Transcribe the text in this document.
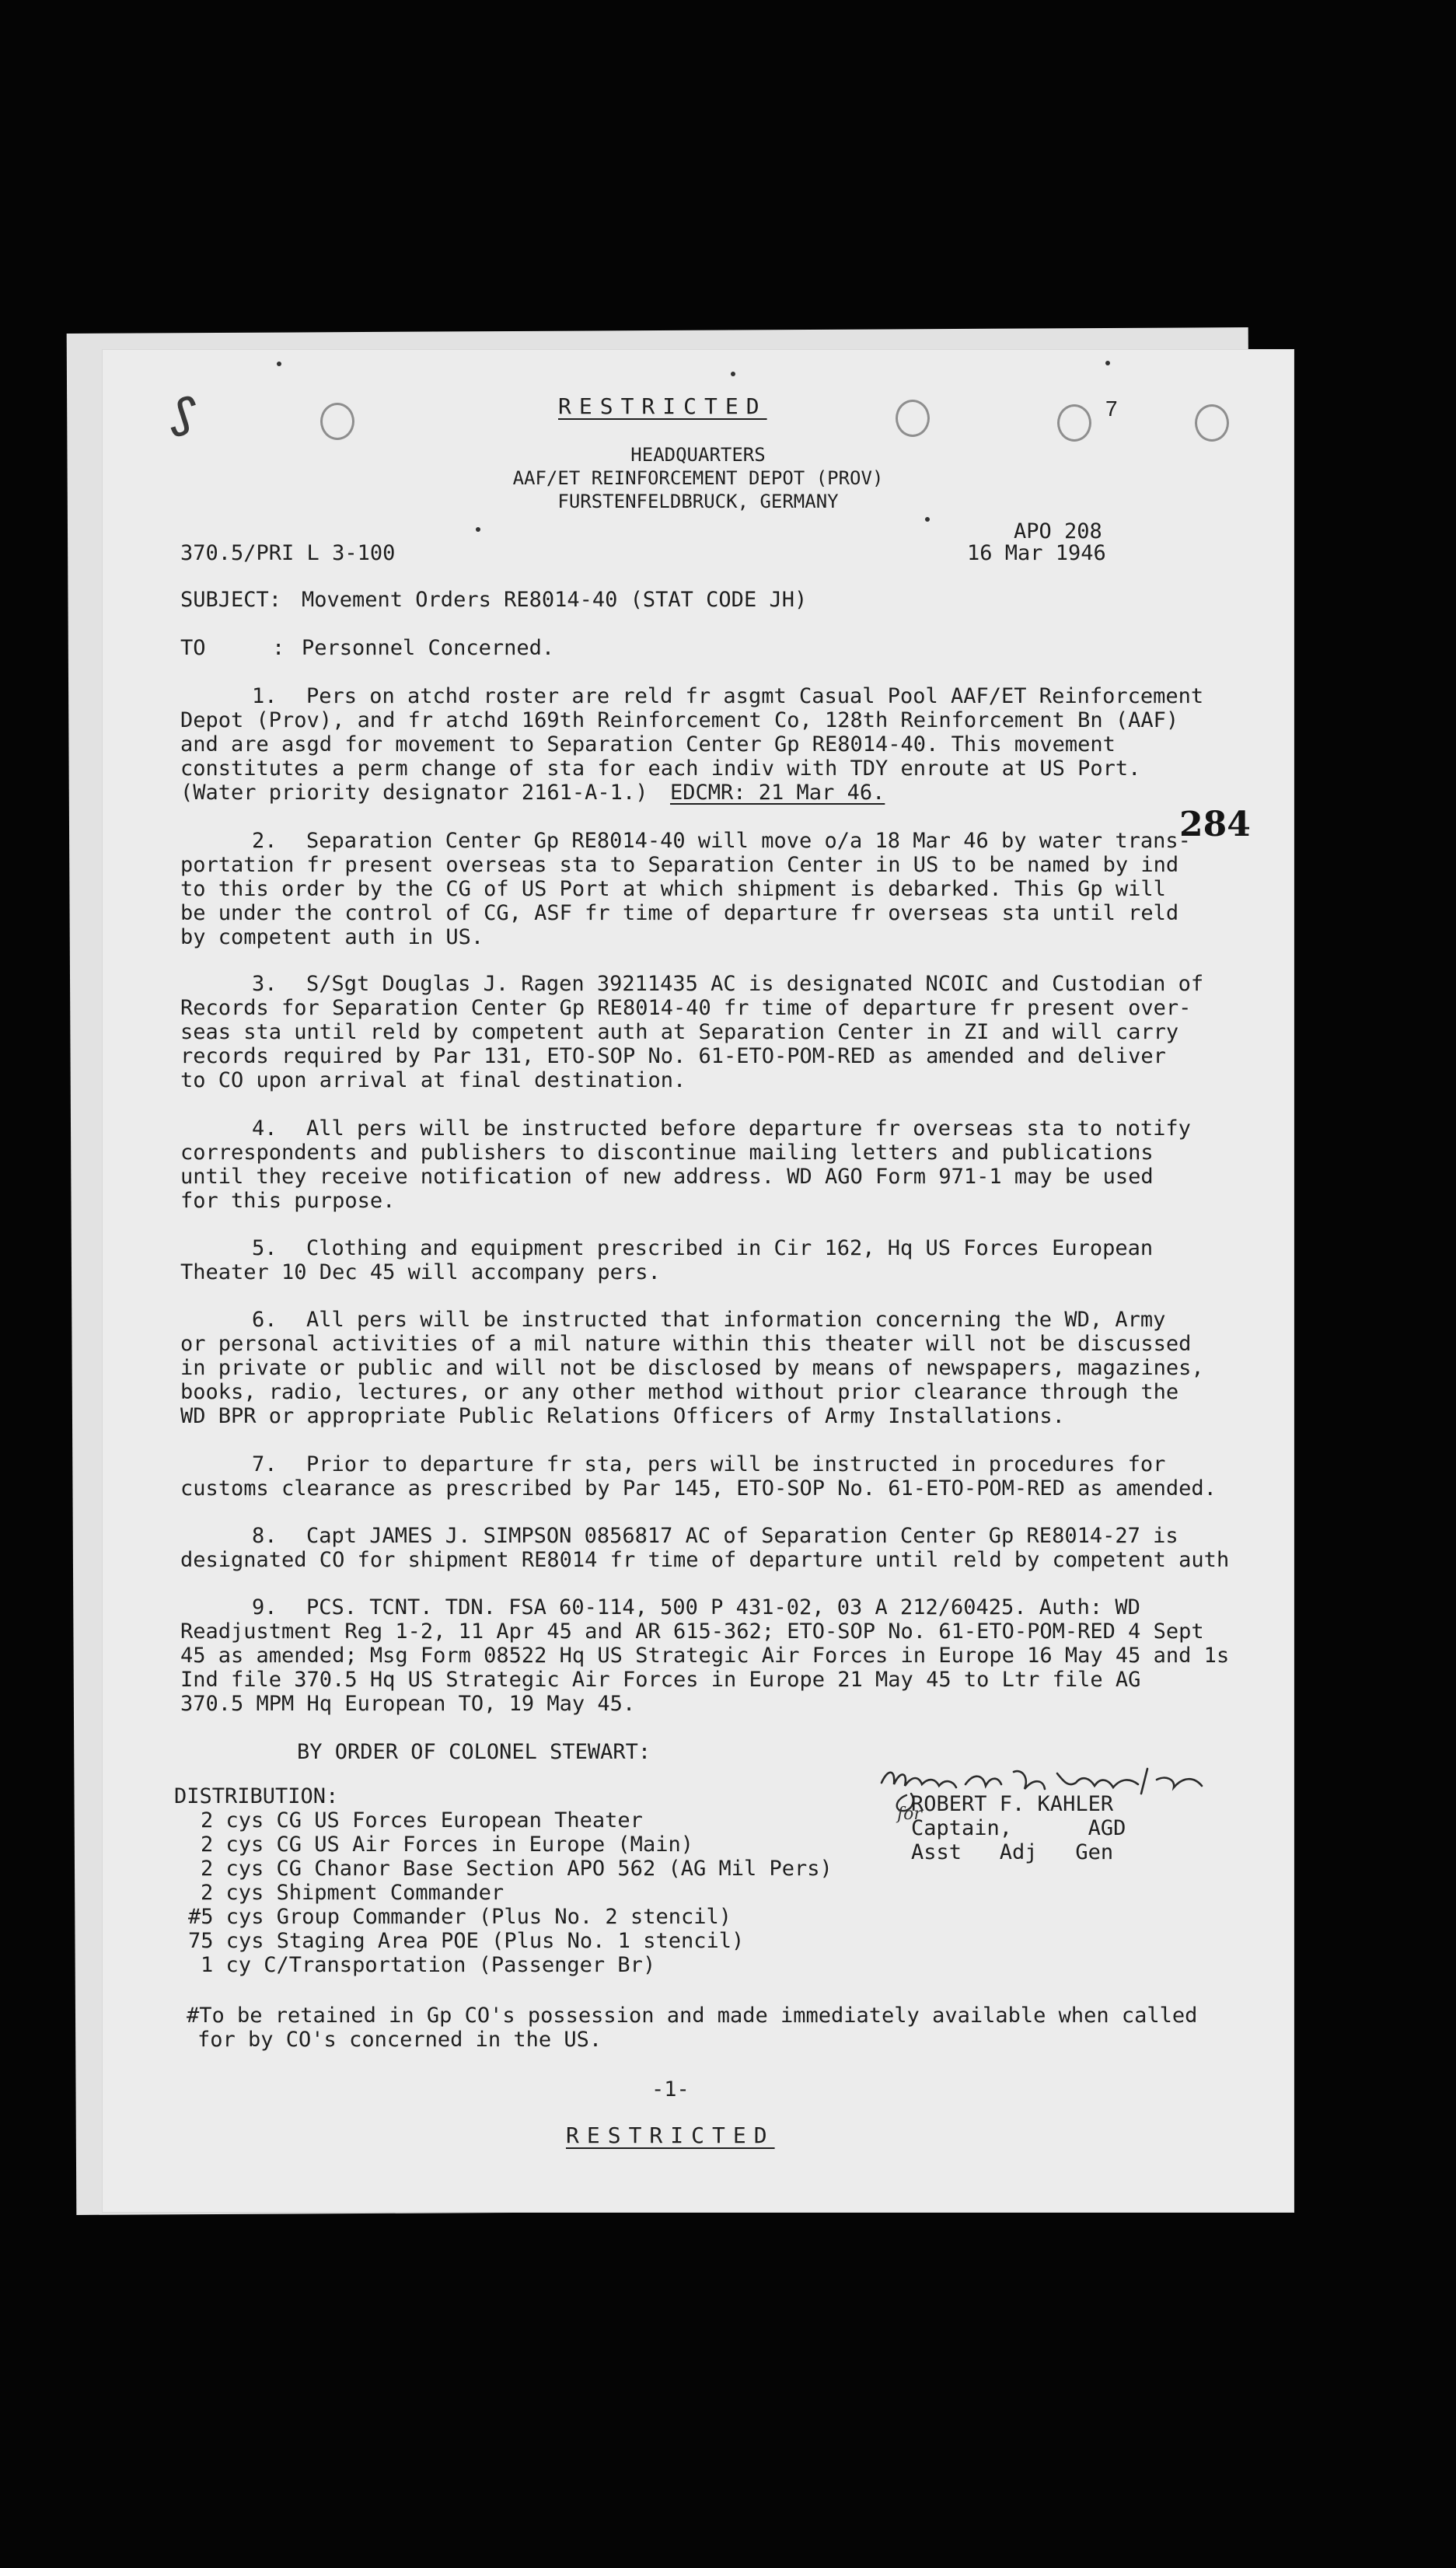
ᔑ	7
RESTRICTED
HEADQUARTERS
AAF/ET REINFORCEMENT DEPOT (PROV)
FURSTENFELDBRUCK, GERMANY
370.5/PRI L 3-100
APO 208
16 Mar 1946
SUBJECT: Movement Orders RE8014-40 (STAT CODE JH)
TO	: Personnel Concerned.
284
1. Pers on atchd roster are reld fr asgmt Casual Pool AAF/ET Reinforcement
Depot (Prov), and fr atchd 169th Reinforcement Co, 128th Reinforcement Bn (AAF)
and are asgd for movement to Separation Center Gp RE8014-40. This movement
constitutes a perm change of sta for each indiv with TDY enroute at US Port.
(Water priority designator 2161-A-1.) EDCMR: 21 Mar 46.
2. Separation Center Gp RE8014-40 will move o/a 18 Mar 46 by water trans-
portation fr present overseas sta to Separation Center in US to be named by ind
to this order by the CG of US Port at which shipment is debarked. This Gp will
be under the control of CG, ASF fr time of departure fr overseas sta until reld
by competent auth in US.
3. S/Sgt Douglas J. Ragen 39211435 AC is designated NCOIC and Custodian of
Records for Separation Center Gp RE8014-40 fr time of departure fr present over-
seas sta until reld by competent auth at Separation Center in ZI and will carry
records required by Par 131, ETO-SOP No. 61-ETO-POM-RED as amended and deliver
to CO upon arrival at final destination.
4. All pers will be instructed before departure fr overseas sta to notify
correspondents and publishers to discontinue mailing letters and publications
until they receive notification of new address. WD AGO Form 971-1 may be used
for this purpose.
5. Clothing and equipment prescribed in Cir 162, Hq US Forces European
Theater 10 Dec 45 will accompany pers.
6. All pers will be instructed that information concerning the WD, Army
or personal activities of a mil nature within this theater will not be discussed
in private or public and will not be disclosed by means of newspapers, magazines,
books, radio, lectures, or any other method without prior clearance through the
WD BPR or appropriate Public Relations Officers of Army Installations.
7. Prior to departure fr sta, pers will be instructed in procedures for
customs clearance as prescribed by Par 145, ETO-SOP No. 61-ETO-POM-RED as amended.
8. Capt JAMES J. SIMPSON 0856817 AC of Separation Center Gp RE8014-27 is
designated CO for shipment RE8014 fr time of departure until reld by competent auth
9. PCS. TCNT. TDN. FSA 60-114, 500 P 431-02, 03 A 212/60425. Auth: WD
Readjustment Reg 1-2, 11 Apr 45 and AR 615-362; ETO-SOP No. 61-ETO-POM-RED 4 Sept
45 as amended; Msg Form 08522 Hq US Strategic Air Forces in Europe 16 May 45 and 1s
Ind file 370.5 Hq US Strategic Air Forces in Europe 21 May 45 to Ltr file AG
370.5 MPM Hq European TO, 19 May 45.
BY ORDER OF COLONEL STEWART:
Moore R. Ryly 1st Lt AC
for
ROBERT F. KAHLER
Captain,      AGD
Asst   Adj   Gen
DISTRIBUTION:
2 cys CG US Forces European Theater
2 cys CG US Air Forces in Europe (Main)
2 cys CG Chanor Base Section APO 562 (AG Mil Pers)
2 cys Shipment Commander
#5 cys Group Commander (Plus No. 2 stencil)
75 cys Staging Area POE (Plus No. 1 stencil)
1 cy C/Transportation (Passenger Br)
#To be retained in Gp CO's possession and made immediately available when called
for by CO's concerned in the US.
-1-
RESTRICTED
